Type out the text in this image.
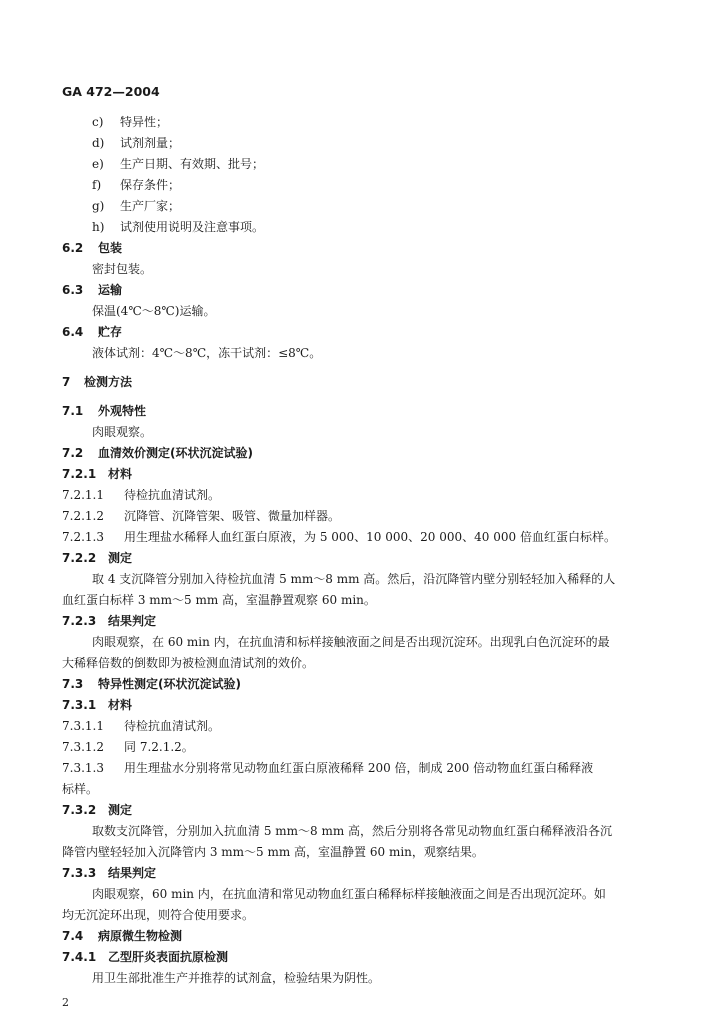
GA 472—2004
c) 特异性；
d) 试剂剂量；
e) 生产日期、有效期、批号；
f) 保存条件；
g) 生产厂家；
h) 试剂使用说明及注意事项。
6.2 包装
密封包装。
6.3 运输
保温(4℃～8℃)运输。
6.4 贮存
液体试剂：4℃～8℃，冻干试剂：≤8℃。
7 检测方法
7.1 外观特性
肉眼观察。
7.2 血清效价测定(环状沉淀试验)
7.2.1 材料
7.2.1.1 待检抗血清试剂。
7.2.1.2 沉降管、沉降管架、吸管、微量加样器。
7.2.1.3 用生理盐水稀释人血红蛋白原液，为 5 000、10 000、20 000、40 000 倍血红蛋白标样。
7.2.2 测定
取 4 支沉降管分别加入待检抗血清 5 mm～8 mm 高。然后，沿沉降管内壁分别轻轻加入稀释的人
血红蛋白标样 3 mm～5 mm 高，室温静置观察 60 min。
7.2.3 结果判定
肉眼观察，在 60 min 内，在抗血清和标样接触液面之间是否出现沉淀环。出现乳白色沉淀环的最
大稀释倍数的倒数即为被检测血清试剂的效价。
7.3 特异性测定(环状沉淀试验)
7.3.1 材料
7.3.1.1 待检抗血清试剂。
7.3.1.2 同 7.2.1.2。
7.3.1.3 用生理盐水分别将常见动物血红蛋白原液稀释 200 倍，制成 200 倍动物血红蛋白稀释液
标样。
7.3.2 测定
取数支沉降管，分别加入抗血清 5 mm～8 mm 高，然后分别将各常见动物血红蛋白稀释液沿各沉
降管内壁轻轻加入沉降管内 3 mm～5 mm 高，室温静置 60 min，观察结果。
7.3.3 结果判定
肉眼观察，60 min 内，在抗血清和常见动物血红蛋白稀释标样接触液面之间是否出现沉淀环。如
均无沉淀环出现，则符合使用要求。
7.4 病原微生物检测
7.4.1 乙型肝炎表面抗原检测
用卫生部批准生产并推荐的试剂盒，检验结果为阴性。
2
